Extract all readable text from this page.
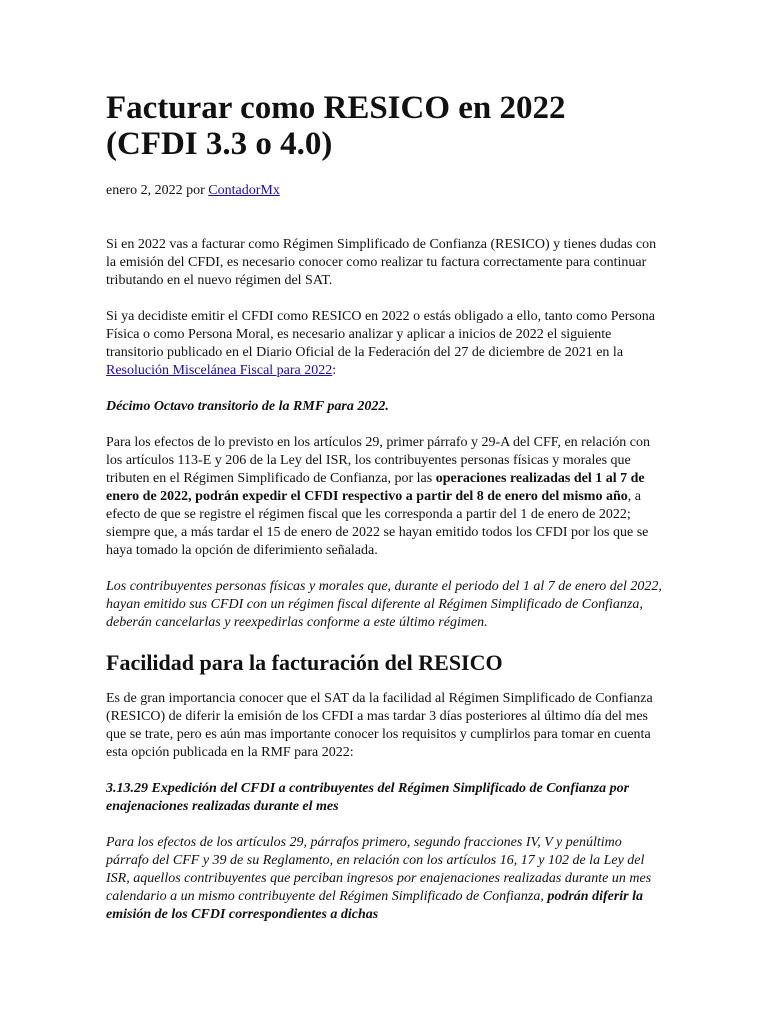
Facturar como RESICO en 2022 (CFDI 3.3 o 4.0)
enero 2, 2022 por ContadorMx

Si en 2022 vas a facturar como Régimen Simplificado de Confianza (RESICO) y tienes dudas con la emisión del CFDI, es necesario conocer como realizar tu factura correctamente para continuar tributando en el nuevo régimen del SAT.

Si ya decidiste emitir el CFDI como RESICO en 2022 o estás obligado a ello, tanto como Persona Física o como Persona Moral, es necesario analizar y aplicar a inicios de 2022 el siguiente transitorio publicado en el Diario Oficial de la Federación del 27 de diciembre de 2021 en la Resolución Miscelánea Fiscal para 2022:

Décimo Octavo transitorio de la RMF para 2022.

Para los efectos de lo previsto en los artículos 29, primer párrafo y 29-A del CFF, en relación con los artículos 113-E y 206 de la Ley del ISR, los contribuyentes personas físicas y morales que tributen en el Régimen Simplificado de Confianza, por las operaciones realizadas del 1 al 7 de enero de 2022, podrán expedir el CFDI respectivo a partir del 8 de enero del mismo año, a efecto de que se registre el régimen fiscal que les corresponda a partir del 1 de enero de 2022; siempre que, a más tardar el 15 de enero de 2022 se hayan emitido todos los CFDI por los que se haya tomado la opción de diferimiento señalada.

Los contribuyentes personas físicas y morales que, durante el periodo del 1 al 7 de enero del 2022, hayan emitido sus CFDI con un régimen fiscal diferente al Régimen Simplificado de Confianza, deberán cancelarlas y reexpedirlas conforme a este último régimen.

Facilidad para la facturación del RESICO

Es de gran importancia conocer que el SAT da la facilidad al Régimen Simplificado de Confianza (RESICO) de diferir la emisión de los CFDI a mas tardar 3 días posteriores al último día del mes que se trate, pero es aún mas importante conocer los requisitos y cumplirlos para tomar en cuenta esta opción publicada en la RMF para 2022:

3.13.29 Expedición del CFDI a contribuyentes del Régimen Simplificado de Confianza por enajenaciones realizadas durante el mes

Para los efectos de los artículos 29, párrafos primero, segundo fracciones IV, V y penúltimo párrafo del CFF y 39 de su Reglamento, en relación con los artículos 16, 17 y 102 de la Ley del ISR, aquellos contribuyentes que perciban ingresos por enajenaciones realizadas durante un mes calendario a un mismo contribuyente del Régimen Simplificado de Confianza, podrán diferir la emisión de los CFDI correspondientes a dichas
